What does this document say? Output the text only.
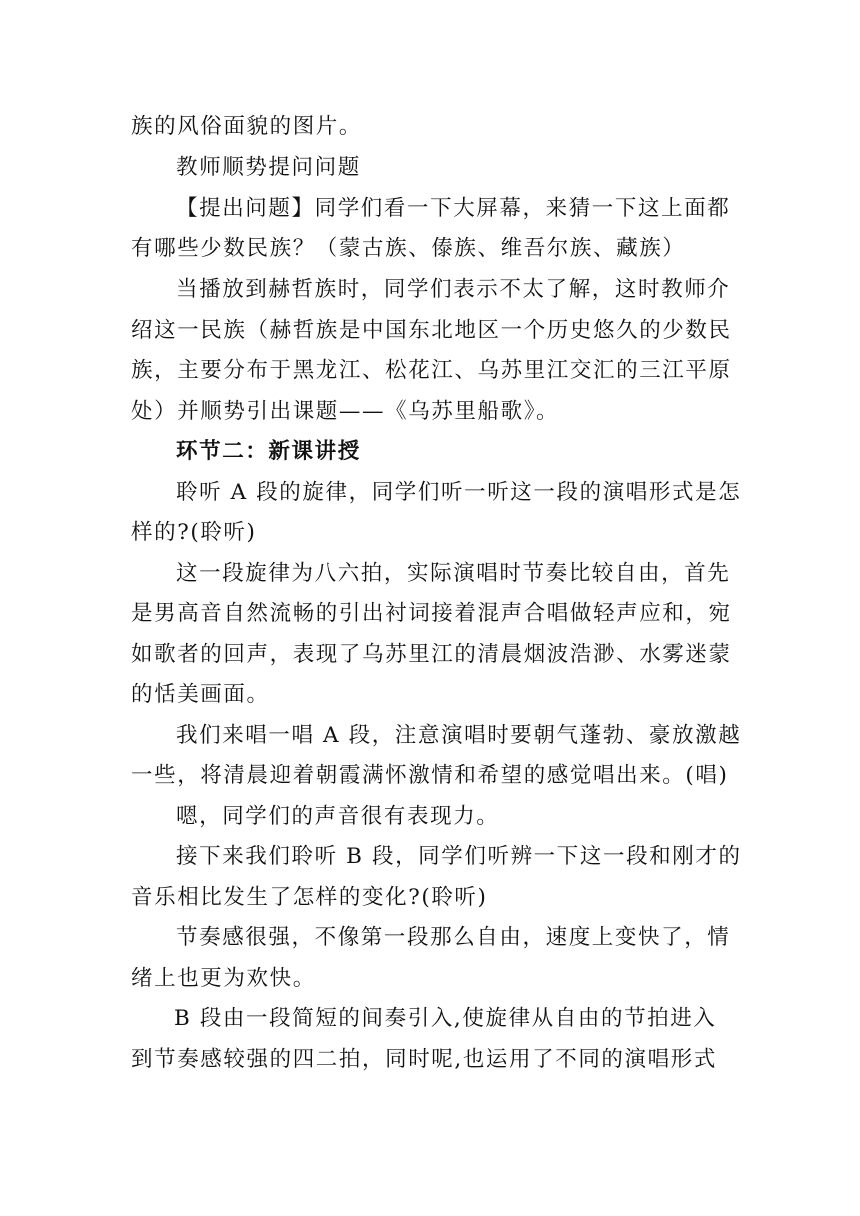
族的风俗面貌的图片。
教师顺势提问问题
【提出问题】同学们看一下大屏幕，来猜一下这上面都
有哪些少数民族？（蒙古族、傣族、维吾尔族、藏族）
当播放到赫哲族时，同学们表示不太了解，这时教师介
绍这一民族（赫哲族是中国东北地区一个历史悠久的少数民
族，主要分布于黑龙江、松花江、乌苏里江交汇的三江平原
处）并顺势引出课题——《乌苏里船歌》。
环节二：新课讲授
聆听 A 段的旋律，同学们听一听这一段的演唱形式是怎
样的?(聆听)
这一段旋律为八六拍，实际演唱时节奏比较自由，首先
是男高音自然流畅的引出衬词接着混声合唱做轻声应和，宛
如歌者的回声，表现了乌苏里江的清晨烟波浩渺、水雾迷蒙
的恬美画面。
我们来唱一唱 A 段，注意演唱时要朝气蓬勃、豪放激越
一些，将清晨迎着朝霞满怀激情和希望的感觉唱出来。(唱)
嗯，同学们的声音很有表现力。
接下来我们聆听 B 段，同学们听辨一下这一段和刚才的
音乐相比发生了怎样的变化?(聆听)
节奏感很强，不像第一段那么自由，速度上变快了，情
绪上也更为欢快。
B 段由一段简短的间奏引入,使旋律从自由的节拍进入
到节奏感较强的四二拍，同时呢,也运用了不同的演唱形式
